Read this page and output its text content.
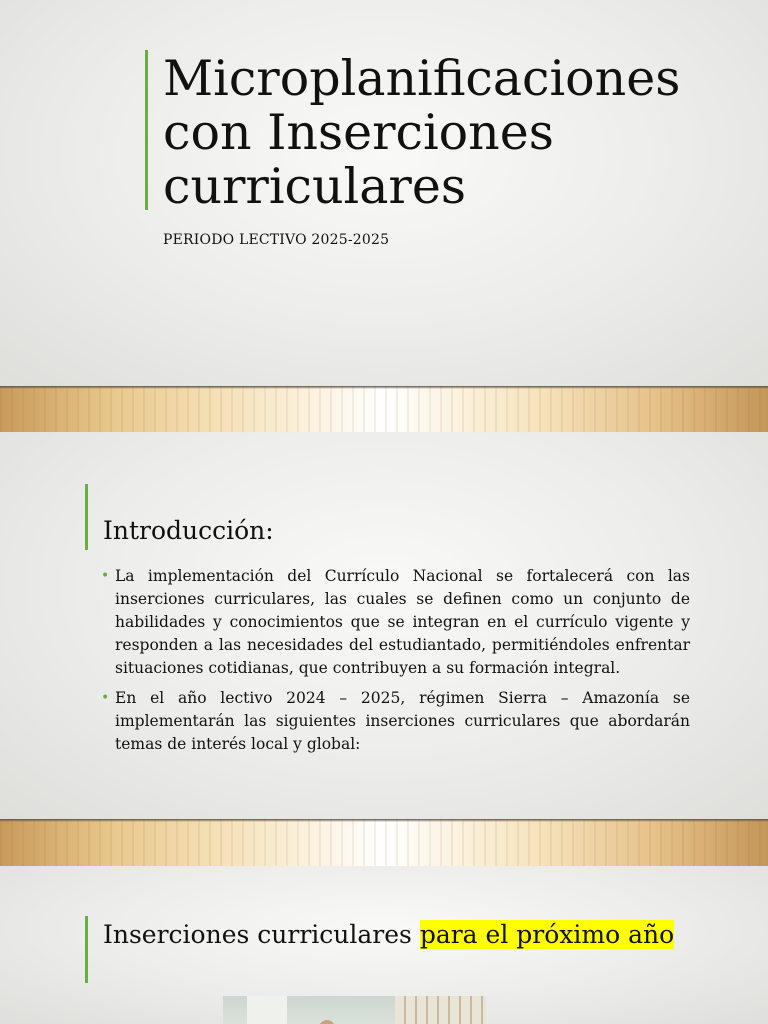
Microplanificaciones con Inserciones curriculares
PERIODO LECTIVO 2025-2025
Introducción:
• La implementación del Currículo Nacional se fortalecerá con las inserciones curriculares, las cuales se definen como un conjunto de habilidades y conocimientos que se integran en el currículo vigente y responden a las necesidades del estudiantado, permitiéndoles enfrentar situaciones cotidianas, que contribuyen a su formación integral.
• En el año lectivo 2024 – 2025, régimen Sierra – Amazonía se implementarán las siguientes inserciones curriculares que abordarán temas de interés local y global:
Inserciones curriculares para el próximo año
